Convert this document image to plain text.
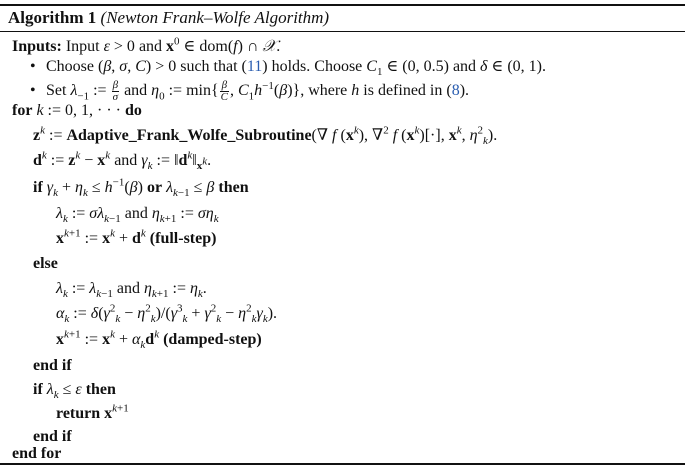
Algorithm 1 (Newton Frank–Wolfe Algorithm)
Inputs: Input ε > 0 and $x^0$ ∈ dom(f) ∩ 𝒳.
• Choose (β, σ, C) > 0 such that (11) holds. Choose $C_1$ ∈ (0, 0.5) and δ ∈ (0, 1).
• Set $\lambda_{-1}$ := $\frac{\beta}{\sigma}$ and $\eta_0$ := $\min\{ \frac{\beta}{C}$ , $C_1h^{-1}(\beta)$}, where h is defined in (8).
for k := 0, 1, · · · do
$z^k$ := Adaptive_Frank_Wolfe_Subroutine(∇ f $(x^k)$, ∇$^2$ f $(x^k)[\cdot]$, $x^k$, $\eta^2_k$).
$d^k$ := $z^k - x^k$ and $\gamma_k$ := $‖d^k‖_{x^k}$.
if $\gamma_k + \eta_k \le h^{-1}(\beta)$ or $\lambda_{k-1} \le \beta$ then
$\lambda_k$ := $\sigma\lambda_{k-1}$ and $\eta_{k+1}$ := $\sigma\eta_k$
$x^{k+1}$ := $x^k + d^k$ (full-step)
else
$\lambda_k$ := $\lambda_{k-1}$ and $\eta_{k+1}$ := $\eta_k$.
$\alpha_k$ := $\delta(\gamma^2_k - \eta^2_k)/(\gamma^3_k + \gamma^2_k - \eta^2_k\gamma_k)$.
$x^{k+1}$ := $x^k + \alpha_kd^k$ (damped-step)
end if
if $\lambda_k \le \varepsilon$ then
return $x^{k+1}$
end if
end for
